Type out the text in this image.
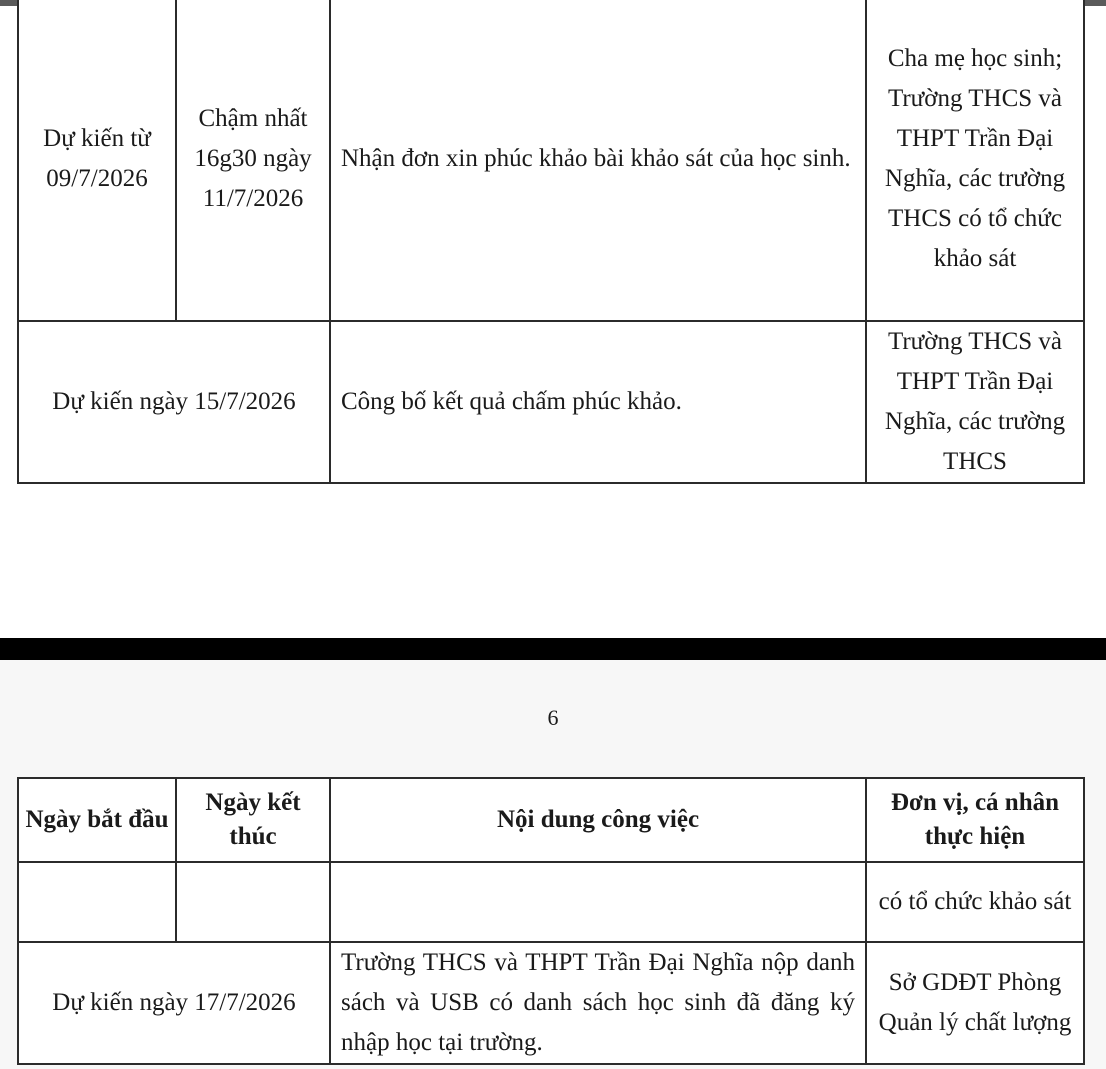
Dự kiến từ 09/7/2026	Chậm nhất 16g30 ngày 11/7/2026	Nhận đơn xin phúc khảo bài khảo sát của học sinh.	Cha mẹ học sinh; Trường THCS và THPT Trần Đại Nghĩa, các trường THCS có tổ chức khảo sát
Dự kiến ngày 15/7/2026		Công bố kết quả chấm phúc khảo.	Trường THCS và THPT Trần Đại Nghĩa, các trường THCS
6
Ngày bắt đầu	Ngày kết thúc	Nội dung công việc	Đơn vị, cá nhân thực hiện
			có tổ chức khảo sát
Dự kiến ngày 17/7/2026		Trường THCS và THPT Trần Đại Nghĩa nộp danh sách và USB có danh sách học sinh đã đăng ký nhập học tại trường.	Sở GDĐT Phòng Quản lý chất lượng
